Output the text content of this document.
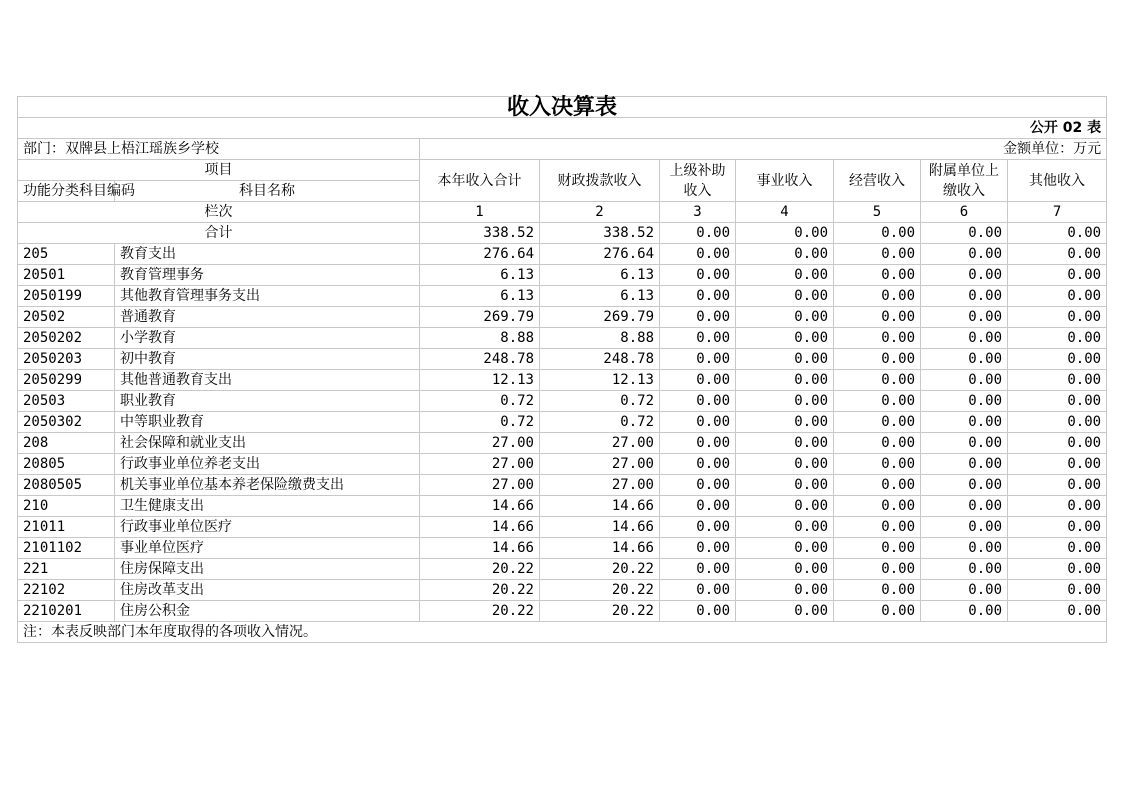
收入决算表								
公开 02 表								
部门：双牌县上梧江瑶族乡学校		金额单位：万元						
项目		本年收入合计	财政拨款收入	上级补助收入	事业收入	经营收入	附属单位上缴收入	其他收入
功能分类科目编码	科目名称							
栏次		1	2	3	4	5	6	7
合计		338.52	338.52	0.00	0.00	0.00	0.00	0.00
205	教育支出	276.64	276.64	0.00	0.00	0.00	0.00	0.00
20501	教育管理事务	6.13	6.13	0.00	0.00	0.00	0.00	0.00
2050199	其他教育管理事务支出	6.13	6.13	0.00	0.00	0.00	0.00	0.00
20502	普通教育	269.79	269.79	0.00	0.00	0.00	0.00	0.00
2050202	小学教育	8.88	8.88	0.00	0.00	0.00	0.00	0.00
2050203	初中教育	248.78	248.78	0.00	0.00	0.00	0.00	0.00
2050299	其他普通教育支出	12.13	12.13	0.00	0.00	0.00	0.00	0.00
20503	职业教育	0.72	0.72	0.00	0.00	0.00	0.00	0.00
2050302	中等职业教育	0.72	0.72	0.00	0.00	0.00	0.00	0.00
208	社会保障和就业支出	27.00	27.00	0.00	0.00	0.00	0.00	0.00
20805	行政事业单位养老支出	27.00	27.00	0.00	0.00	0.00	0.00	0.00
2080505	机关事业单位基本养老保险缴费支出	27.00	27.00	0.00	0.00	0.00	0.00	0.00
210	卫生健康支出	14.66	14.66	0.00	0.00	0.00	0.00	0.00
21011	行政事业单位医疗	14.66	14.66	0.00	0.00	0.00	0.00	0.00
2101102	事业单位医疗	14.66	14.66	0.00	0.00	0.00	0.00	0.00
221	住房保障支出	20.22	20.22	0.00	0.00	0.00	0.00	0.00
22102	住房改革支出	20.22	20.22	0.00	0.00	0.00	0.00	0.00
2210201	住房公积金	20.22	20.22	0.00	0.00	0.00	0.00	0.00
注：本表反映部门本年度取得的各项收入情况。								
